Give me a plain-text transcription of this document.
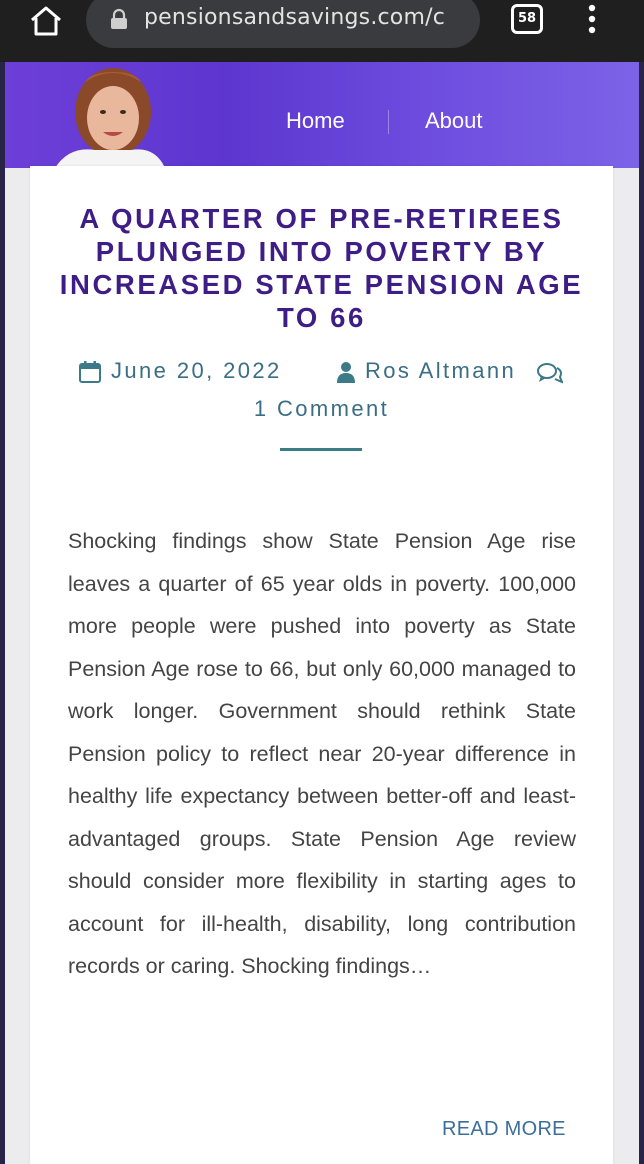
pensionsandsavings.com/c	58
Home	About
A QUARTER OF PRE-RETIREES PLUNGED INTO POVERTY BY INCREASED STATE PENSION AGE TO 66
June 20, 2022	Ros Altmann
1 Comment

Shocking findings show State Pension Age rise leaves a quarter of 65 year olds in poverty. 100,000 more people were pushed into poverty as State Pension Age rose to 66, but only 60,000 managed to work longer. Government should rethink State Pension policy to reflect near 20-year difference in healthy life expectancy between better-off and least-advantaged groups. State Pension Age review should consider more flexibility in starting ages to account for ill-health, disability, long contribution records or caring. Shocking findings…

READ MORE
